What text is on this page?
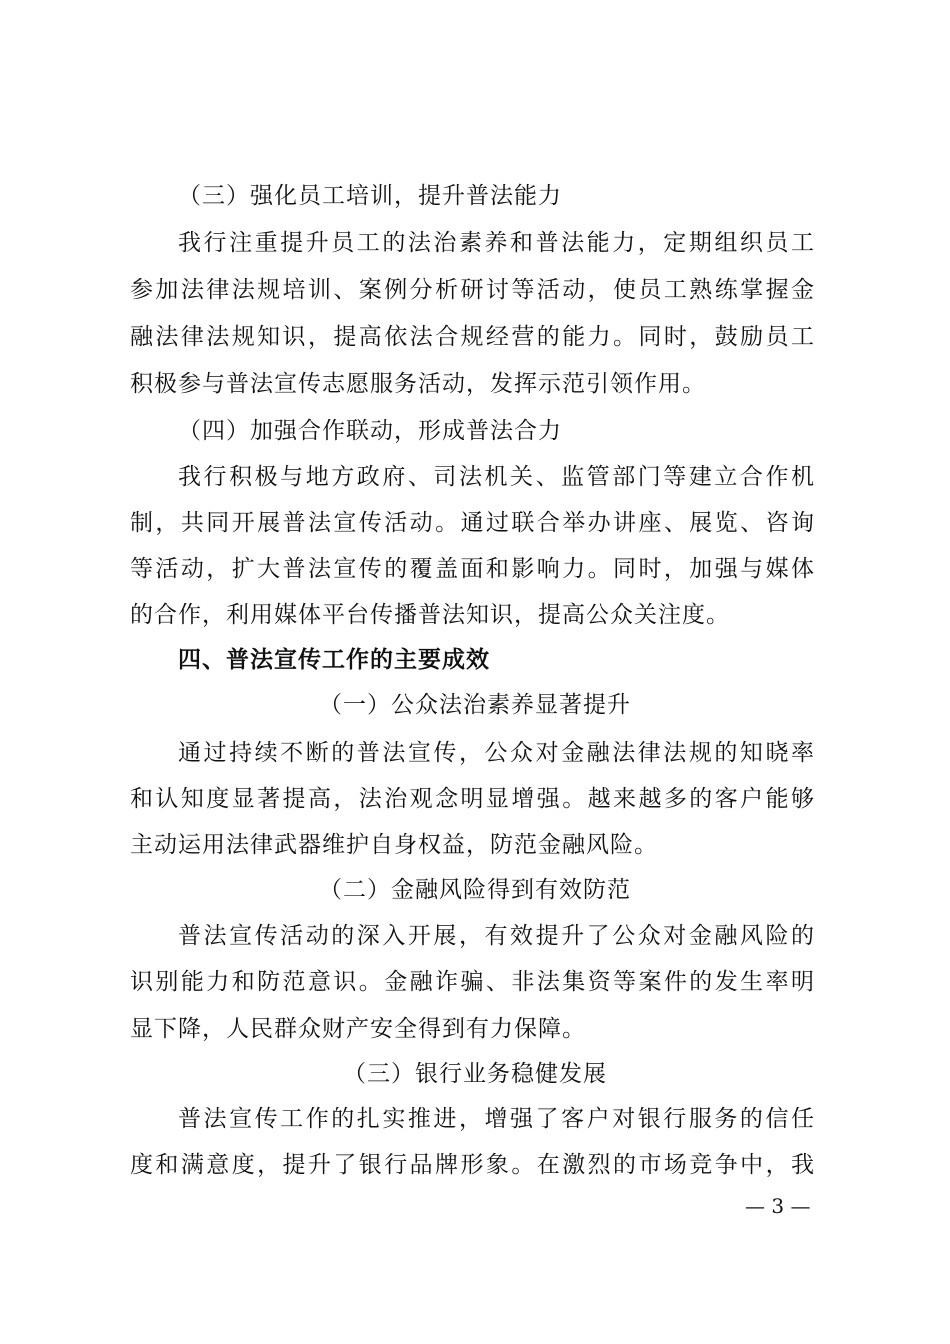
（三）强化员工培训，提升普法能力
我行注重提升员工的法治素养和普法能力，定期组织员工
参加法律法规培训、案例分析研讨等活动，使员工熟练掌握金
融法律法规知识，提高依法合规经营的能力。同时，鼓励员工
积极参与普法宣传志愿服务活动，发挥示范引领作用。
（四）加强合作联动，形成普法合力
我行积极与地方政府、司法机关、监管部门等建立合作机
制，共同开展普法宣传活动。通过联合举办讲座、展览、咨询
等活动，扩大普法宣传的覆盖面和影响力。同时，加强与媒体
的合作，利用媒体平台传播普法知识，提高公众关注度。
四、普法宣传工作的主要成效
（一）公众法治素养显著提升
通过持续不断的普法宣传，公众对金融法律法规的知晓率
和认知度显著提高，法治观念明显增强。越来越多的客户能够
主动运用法律武器维护自身权益，防范金融风险。
（二）金融风险得到有效防范
普法宣传活动的深入开展，有效提升了公众对金融风险的
识别能力和防范意识。金融诈骗、非法集资等案件的发生率明
显下降，人民群众财产安全得到有力保障。
（三）银行业务稳健发展
普法宣传工作的扎实推进，增强了客户对银行服务的信任
度和满意度，提升了银行品牌形象。在激烈的市场竞争中，我
— 3 —
